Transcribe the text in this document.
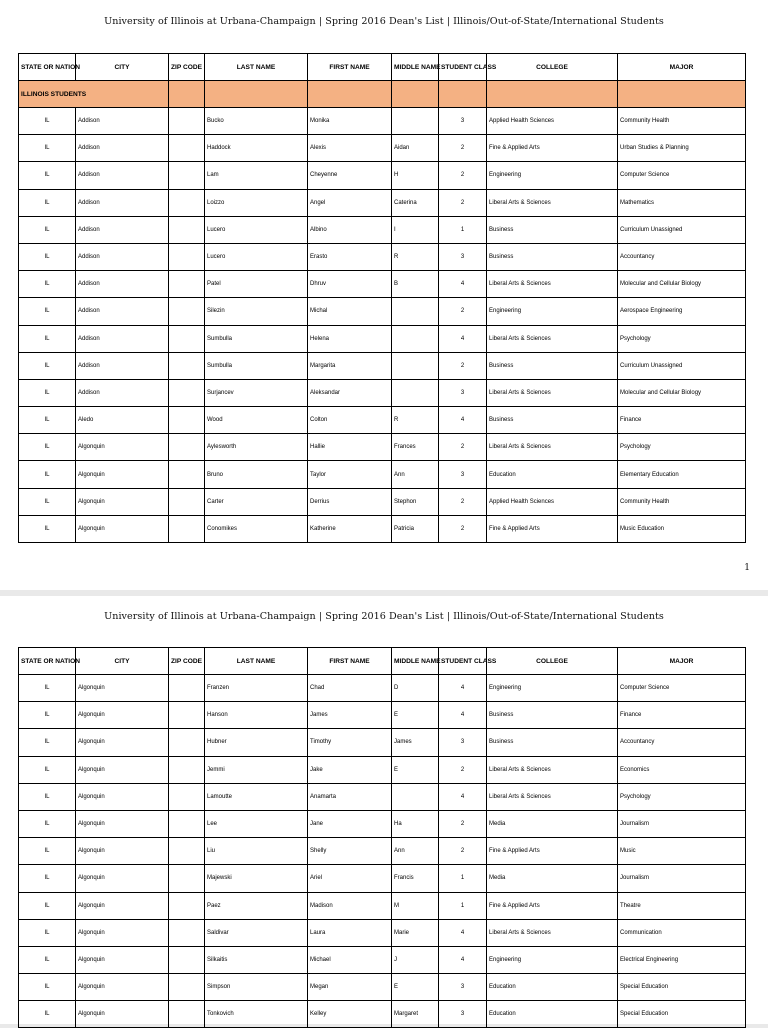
University of Illinois at Urbana-Champaign | Spring 2016 Dean's List | Illinois/Out-of-State/International Students
STATE OR NATION	CITY	ZIP CODE	LAST NAME	FIRST NAME	MIDDLE NAME	STUDENT CLASS	COLLEGE	MAJOR
ILLINOIS STUDENTS								
IL	Addison		Bucko	Monika		3	Applied Health Sciences	Community Health
IL	Addison		Haddock	Alexis	Aidan	2	Fine & Applied Arts	Urban Studies & Planning
IL	Addison		Lam	Cheyenne	H	2	Engineering	Computer Science
IL	Addison		Loizzo	Angel	Caterina	2	Liberal Arts & Sciences	Mathematics
IL	Addison		Lucero	Albino	I	1	Business	Curriculum Unassigned
IL	Addison		Lucero	Erasto	R	3	Business	Accountancy
IL	Addison		Patel	Dhruv	B	4	Liberal Arts & Sciences	Molecular and Cellular Biology
IL	Addison		Silezin	Michal		2	Engineering	Aerospace Engineering
IL	Addison		Sumbulla	Helena		4	Liberal Arts & Sciences	Psychology
IL	Addison		Sumbulla	Margarita		2	Business	Curriculum Unassigned
IL	Addison		Surjancev	Aleksandar		3	Liberal Arts & Sciences	Molecular and Cellular Biology
IL	Aledo		Wood	Colton	R	4	Business	Finance
IL	Algonquin		Aylesworth	Hallie	Frances	2	Liberal Arts & Sciences	Psychology
IL	Algonquin		Bruno	Taylor	Ann	3	Education	Elementary Education
IL	Algonquin		Carter	Derrius	Stephon	2	Applied Health Sciences	Community Health
IL	Algonquin		Conomikes	Katherine	Patricia	2	Fine & Applied Arts	Music Education
1
University of Illinois at Urbana-Champaign | Spring 2016 Dean's List | Illinois/Out-of-State/International Students
STATE OR NATION	CITY	ZIP CODE	LAST NAME	FIRST NAME	MIDDLE NAME	STUDENT CLASS	COLLEGE	MAJOR
IL	Algonquin		Franzen	Chad	D	4	Engineering	Computer Science
IL	Algonquin		Hanson	James	E	4	Business	Finance
IL	Algonquin		Hubner	Timothy	James	3	Business	Accountancy
IL	Algonquin		Jemmi	Jake	E	2	Liberal Arts & Sciences	Economics
IL	Algonquin		Lamoutte	Anamarta		4	Liberal Arts & Sciences	Psychology
IL	Algonquin		Lee	Jane	Ha	2	Media	Journalism
IL	Algonquin		Liu	Shelly	Ann	2	Fine & Applied Arts	Music
IL	Algonquin		Majewski	Ariel	Francis	1	Media	Journalism
IL	Algonquin		Paez	Madison	M	1	Fine & Applied Arts	Theatre
IL	Algonquin		Saldivar	Laura	Marie	4	Liberal Arts & Sciences	Communication
IL	Algonquin		Silkaitis	Michael	J	4	Engineering	Electrical Engineering
IL	Algonquin		Simpson	Megan	E	3	Education	Special Education
IL	Algonquin		Tonkovich	Kelley	Margaret	3	Education	Special Education
